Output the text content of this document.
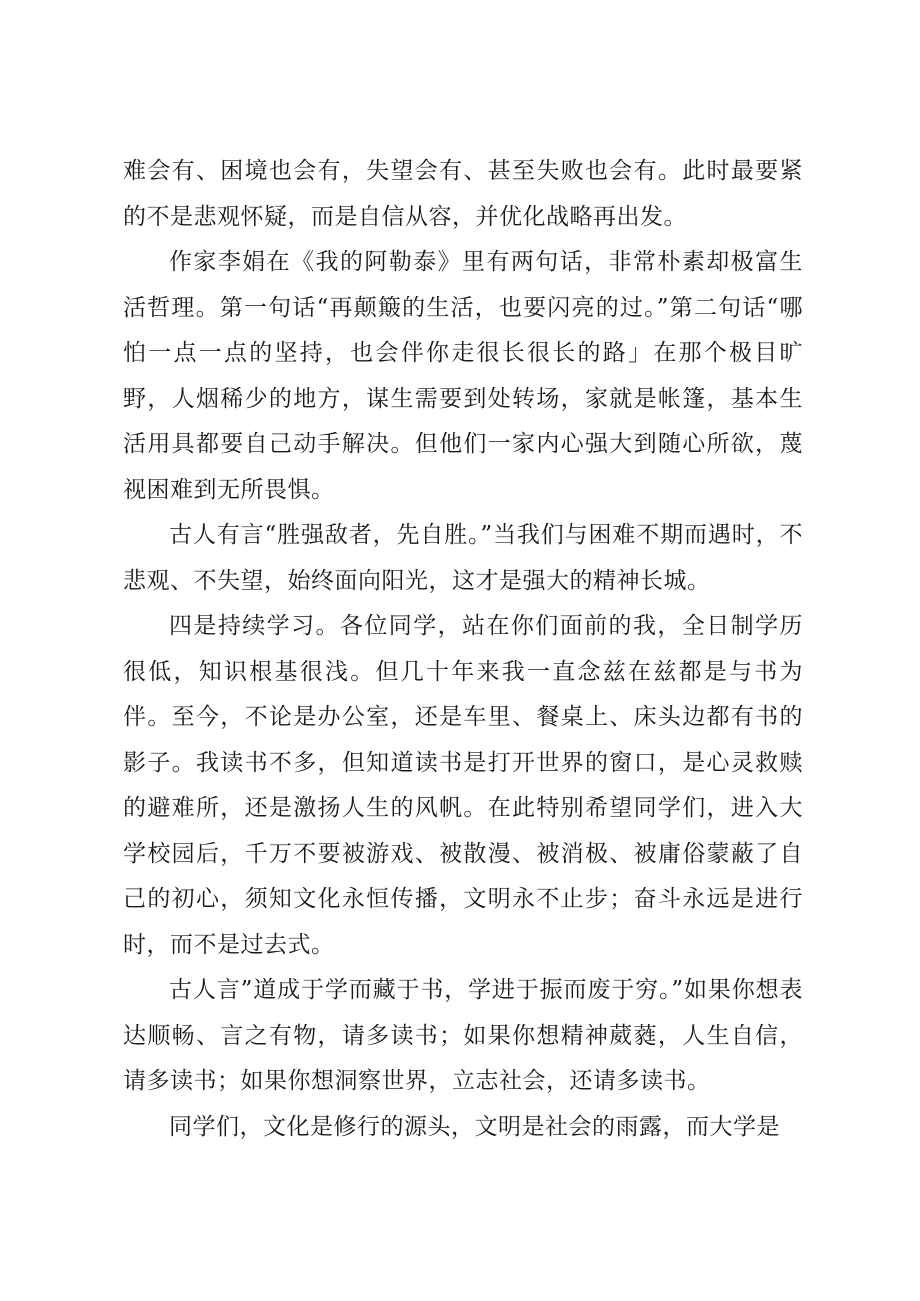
难会有、困境也会有，失望会有、甚至失败也会有。此时最要紧的不是悲观怀疑，而是自信从容，并优化战略再出发。

作家李娟在《我的阿勒泰》里有两句话，非常朴素却极富生活哲理。第一句话“再颠簸的生活，也要闪亮的过。”第二句话“哪怕一点一点的坚持，也会伴你走很长很长的路」在那个极目旷野，人烟稀少的地方，谋生需要到处转场，家就是帐篷，基本生活用具都要自己动手解决。但他们一家内心强大到随心所欲，蔑视困难到无所畏惧。

古人有言“胜强敌者，先自胜。”当我们与困难不期而遇时，不悲观、不失望，始终面向阳光，这才是强大的精神长城。

四是持续学习。各位同学，站在你们面前的我，全日制学历很低，知识根基很浅。但几十年来我一直念兹在兹都是与书为伴。至今，不论是办公室，还是车里、餐桌上、床头边都有书的影子。我读书不多，但知道读书是打开世界的窗口，是心灵救赎的避难所，还是激扬人生的风帆。在此特别希望同学们，进入大学校园后，千万不要被游戏、被散漫、被消极、被庸俗蒙蔽了自己的初心，须知文化永恒传播，文明永不止步；奋斗永远是进行时，而不是过去式。

古人言”道成于学而藏于书，学进于振而废于穷。”如果你想表达顺畅、言之有物，请多读书；如果你想精神葳蕤，人生自信，请多读书；如果你想洞察世界，立志社会，还请多读书。

同学们，文化是修行的源头，文明是社会的雨露，而大学是
